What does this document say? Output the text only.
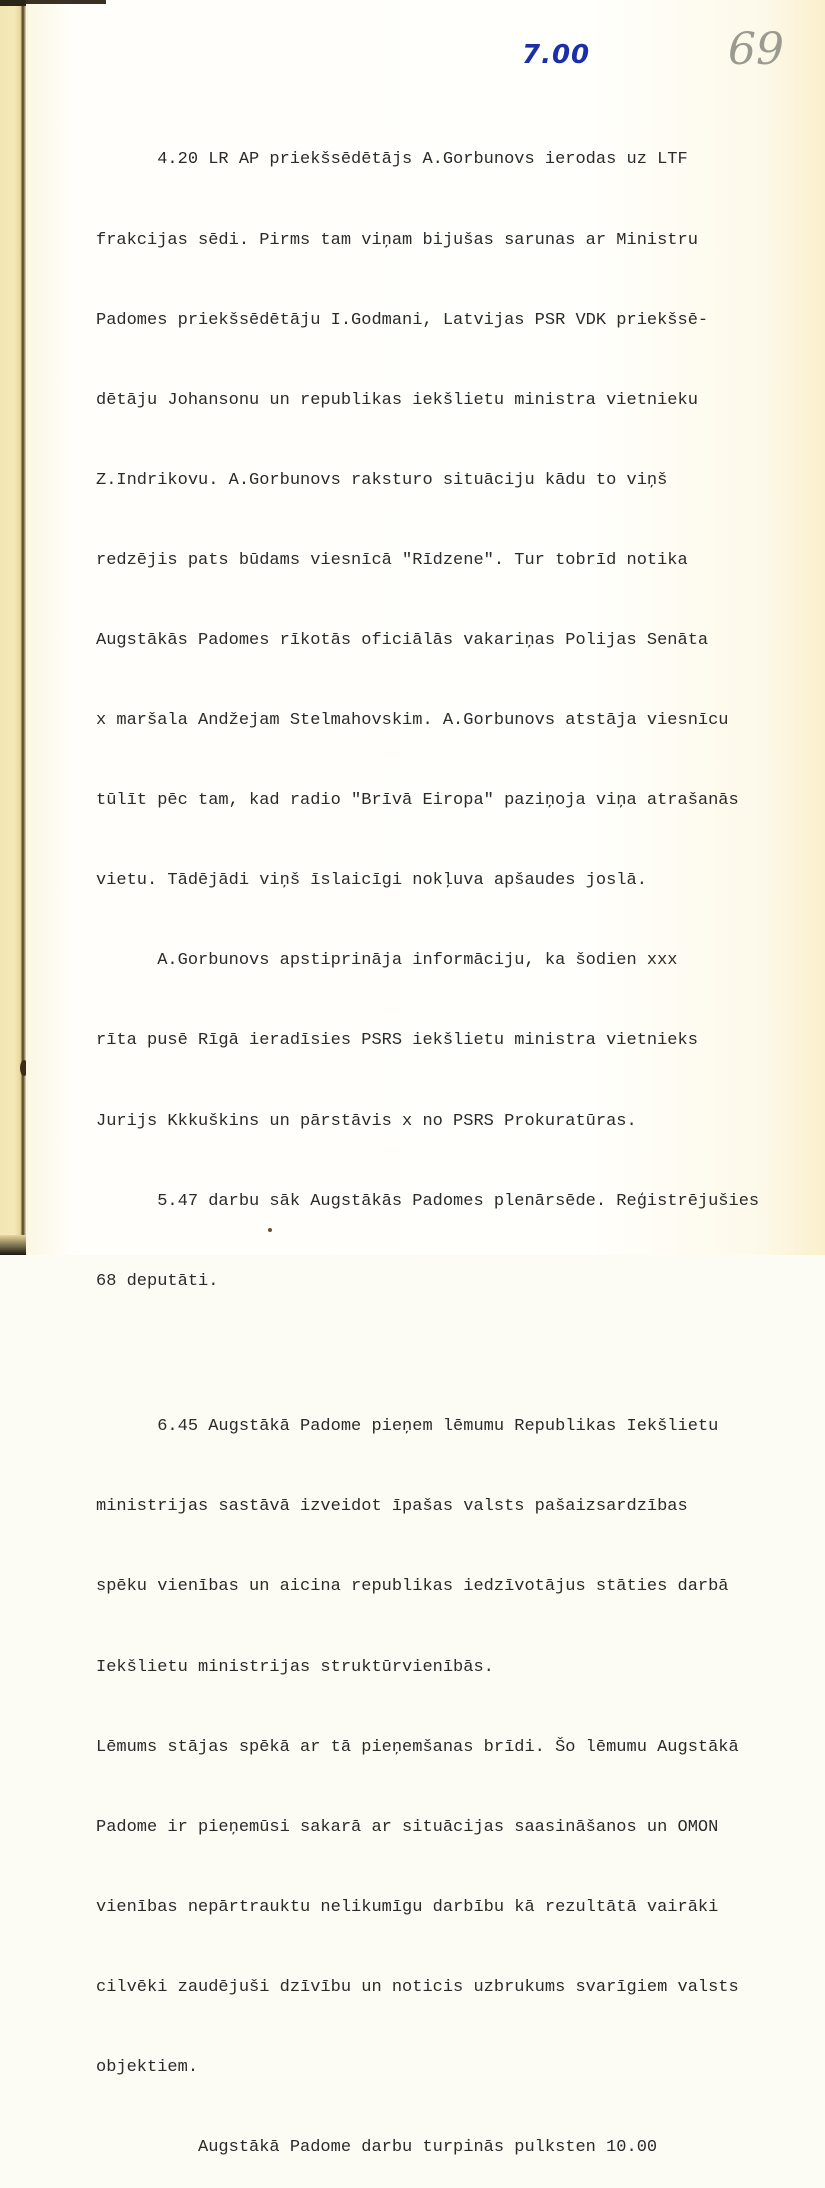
7.00	69

4.20 LR AP priekšsēdētājs A.Gorbunovs ierodas uz LTF

frakcijas sēdi. Pirms tam viņam bijušas sarunas ar Ministru

Padomes priekšsēdētāju I.Godmani, Latvijas PSR VDK priekšsē-

dētāju Johansonu un republikas iekšlietu ministra vietnieku

Z.Indrikovu. A.Gorbunovs raksturo situāciju kādu to viņš

redzējis pats būdams viesnīcā "Rīdzene". Tur tobrīd notika

Augstākās Padomes rīkotās oficiālās vakariņas Polijas Senāta

x maršala Andžejam Stelmahovskim. A.Gorbunovs atstāja viesnīcu

tūlīt pēc tam, kad radio "Brīvā Eiropa" paziņoja viņa atrašanās

vietu. Tādējādi viņš īslaicīgi nokļuva apšaudes joslā.

A.Gorbunovs apstiprināja informāciju, ka šodien xxx

rīta pusē Rīgā ieradīsies PSRS iekšlietu ministra vietnieks

Jurijs Kkkuškins un pārstāvis x no PSRS Prokuratūras.

5.47 darbu sāk Augstākās Padomes plenārsēde. Reģistrējušies

68 deputāti.

6.45 Augstākā Padome pieņem lēmumu Republikas Iekšlietu

ministrijas sastāvā izveidot īpašas valsts pašaizsardzības

spēku vienības un aicina republikas iedzīvotājus stāties darbā

Iekšlietu ministrijas struktūrvienībās.

Lēmums stājas spēkā ar tā pieņemšanas brīdi. Šo lēmumu Augstākā

Padome ir pieņemūsi sakarā ar situācijas saasināšanos un OMON

vienības nepārtrauktu nelikumīgu darbību kā rezultātā vairāki

cilvēki zaudējuši dzīvību un noticis uzbrukums svarīgiem valsts

objektiem.

Augstākā Padome darbu turpinās pulksten 10.00
